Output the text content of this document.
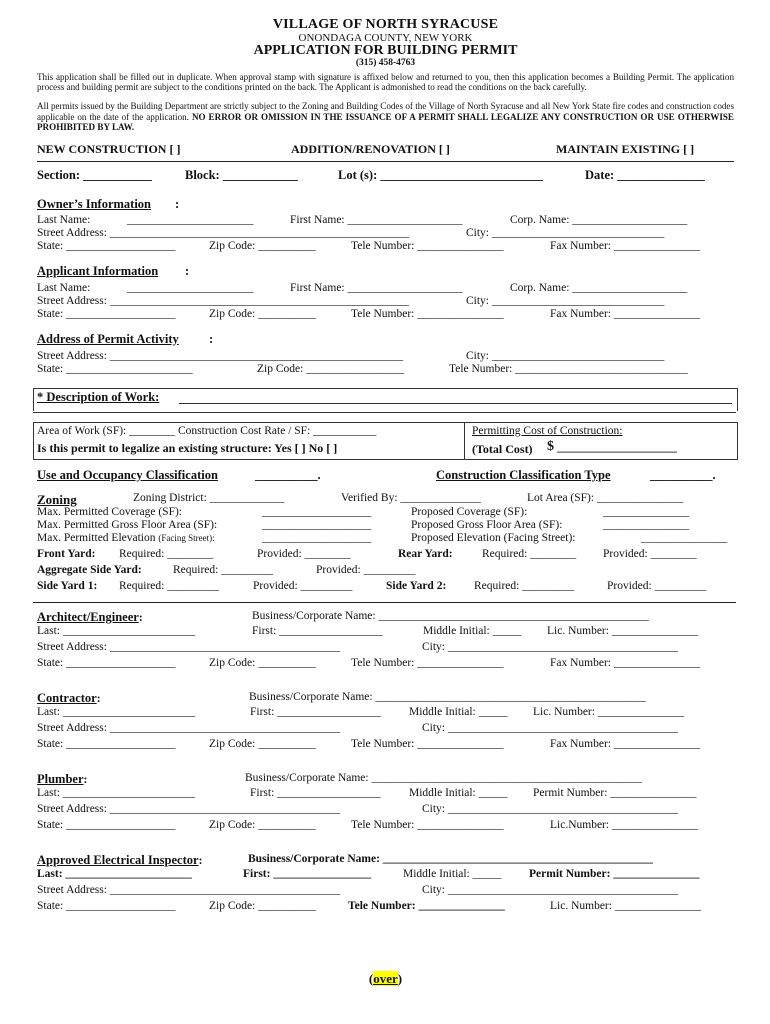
VILLAGE OF NORTH SYRACUSE
ONONDAGA COUNTY, NEW YORK
APPLICATION FOR BUILDING PERMIT
(315) 458-4763
This application shall be filled out in duplicate. When approval stamp with signature is affixed below and returned to you, then this application becomes a Building Permit. The application process and building permit are subject to the conditions printed on the back. The Applicant is admonished to read the conditions on the back carefully.
All permits issued by the Building Department are strictly subject to the Zoning and Building Codes of the Village of North Syracuse and all New York State fire codes and construction codes applicable on the date of the application. NO ERROR OR OMISSION IN THE ISSUANCE OF A PERMIT SHALL LEGALIZE ANY CONSTRUCTION OR USE OTHERWISE PROHIBITED BY LAW.
NEW CONSTRUCTION [ ]	ADDITION/RENOVATION [ ]	MAINTAIN EXISTING [ ]
Section: ___________	Block: ____________	Lot (s): __________________________	Date: ______________
Owner’s Information :
Last Name:	______________________	First Name: ____________________	Corp. Name: ____________________
Street Address: ____________________________________________________	City: ______________________________
State: ___________________	Zip Code: __________	Tele Number: _______________	Fax Number: _______________
Applicant Information :
Last Name:	______________________	First Name: ____________________	Corp. Name: ____________________
Street Address: ____________________________________________________	City: ______________________________
State: ___________________	Zip Code: __________	Tele Number: _______________	Fax Number: _______________
Address of Permit Activity :
Street Address: ___________________________________________________	City: ______________________________
State: ______________________	Zip Code: _________________	Tele Number: ______________________________
* Description of Work:
Area of Work (SF): ________ Construction Cost Rate / SF: ___________
Is this permit to legalize an existing structure: Yes [ ] No [ ]
Permitting Cost of Construction:
(Total Cost) $ ____________________
Use and Occupancy Classification	__________.	Construction Classification Type	__________.
Zoning	Zoning District: _____________	Verified By: ______________	Lot Area (SF): _______________
Max. Permitted Coverage (SF):	___________________	Proposed Coverage (SF):	_______________
Max. Permitted Gross Floor Area (SF):	___________________	Proposed Gross Floor Area (SF):	_______________
Max. Permitted Elevation (Facing Street):	___________________	Proposed Elevation (Facing Street):	_______________
Front Yard: Required: ________	Provided: ________	Rear Yard:	Required: ________ Provided: ________
Aggregate Side Yard:	Required: _________	Provided: _________
Side Yard 1: Required: _________	Provided: _________	Side Yard 2: Required: _________	Provided: _________
Architect/Engineer:	Business/Corporate Name: _______________________________________________
Last: _______________________	First: __________________	Middle Initial: _____ Lic. Number: _______________
Street Address: ________________________________________	City: ________________________________________
State: ___________________	Zip Code: __________	Tele Number: _______________	Fax Number: _______________
Contractor:	Business/Corporate Name: _______________________________________________
Last: _______________________	First: __________________ Middle Initial: _____ Lic. Number: _______________
Street Address: ________________________________________	City: ________________________________________
State: ___________________	Zip Code: __________	Tele Number: _______________	Fax Number: _______________
Plumber:	Business/Corporate Name: _______________________________________________
Last: _______________________	First: __________________ Middle Initial: _____ Permit Number: _______________
Street Address: ________________________________________	City: ________________________________________
State: ___________________	Zip Code: __________	Tele Number: _______________	Lic.Number: _______________
Approved Electrical Inspector:	Business/Corporate Name: _______________________________________________
Last: ______________________	First: _________________	Middle Initial: _____ Permit Number: _______________
Street Address: ________________________________________	City: ________________________________________
State: ___________________	Zip Code: __________	Tele Number: _______________	Lic. Number: _______________
(over)
